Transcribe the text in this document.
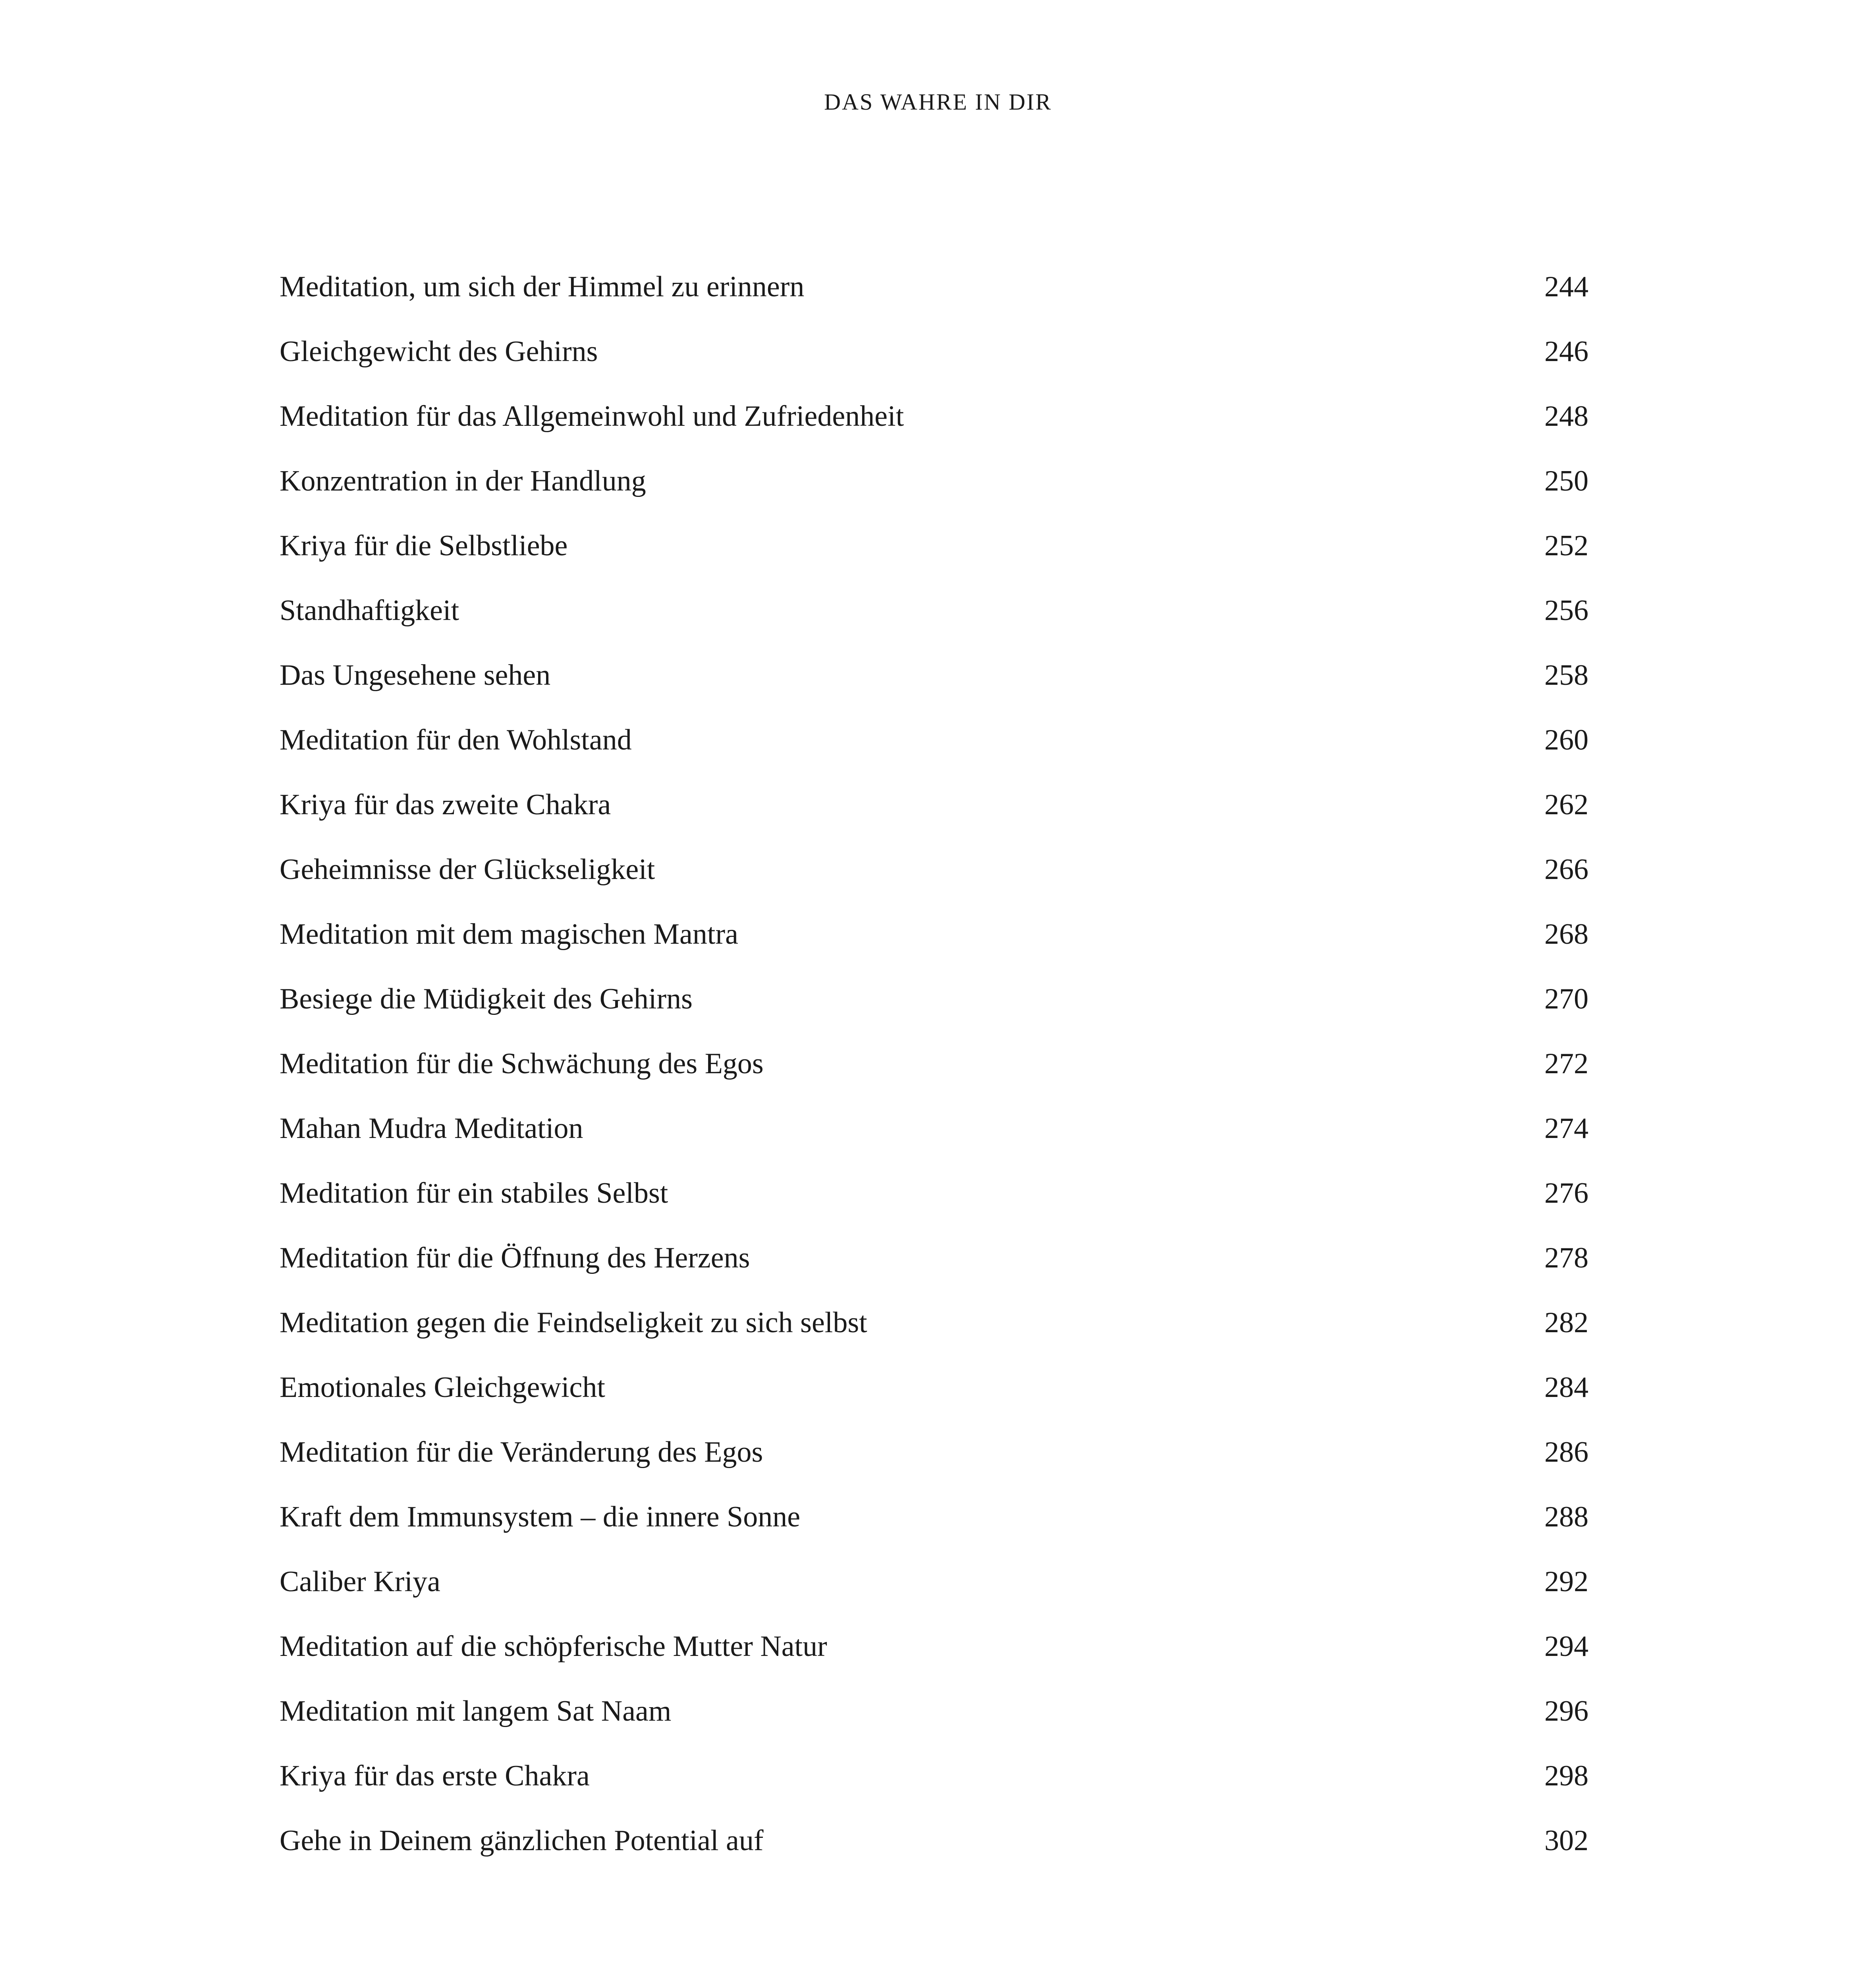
DAS WAHRE IN DIR
Meditation, um sich der Himmel zu erinnern	244
Gleichgewicht des Gehirns	246
Meditation für das Allgemeinwohl und Zufriedenheit	248
Konzentration in der Handlung	250
Kriya für die Selbstliebe	252
Standhaftigkeit	256
Das Ungesehene sehen	258
Meditation für den Wohlstand	260
Kriya für das zweite Chakra	262
Geheimnisse der Glückseligkeit	266
Meditation mit dem magischen Mantra	268
Besiege die Müdigkeit des Gehirns	270
Meditation für die Schwächung des Egos	272
Mahan Mudra Meditation	274
Meditation für ein stabiles Selbst	276
Meditation für die Öffnung des Herzens	278
Meditation gegen die Feindseligkeit zu sich selbst	282
Emotionales Gleichgewicht	284
Meditation für die Veränderung des Egos	286
Kraft dem Immunsystem – die innere Sonne	288
Caliber Kriya	292
Meditation auf die schöpferische Mutter Natur	294
Meditation mit langem Sat Naam	296
Kriya für das erste Chakra	298
Gehe in Deinem gänzlichen Potential auf	302
